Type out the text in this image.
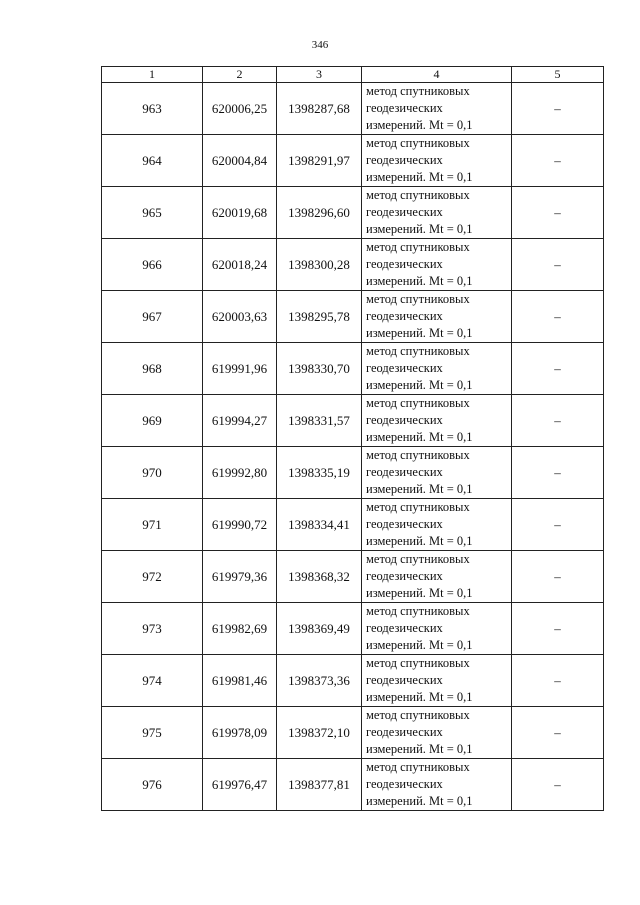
346
1	2	3	4	5
963	620006,25	1398287,68	метод спутниковых
геодезических
измерений. Mt = 0,1	–
964	620004,84	1398291,97	метод спутниковых
геодезических
измерений. Mt = 0,1	–
965	620019,68	1398296,60	метод спутниковых
геодезических
измерений. Mt = 0,1	–
966	620018,24	1398300,28	метод спутниковых
геодезических
измерений. Mt = 0,1	–
967	620003,63	1398295,78	метод спутниковых
геодезических
измерений. Mt = 0,1	–
968	619991,96	1398330,70	метод спутниковых
геодезических
измерений. Mt = 0,1	–
969	619994,27	1398331,57	метод спутниковых
геодезических
измерений. Mt = 0,1	–
970	619992,80	1398335,19	метод спутниковых
геодезических
измерений. Mt = 0,1	–
971	619990,72	1398334,41	метод спутниковых
геодезических
измерений. Mt = 0,1	–
972	619979,36	1398368,32	метод спутниковых
геодезических
измерений. Mt = 0,1	–
973	619982,69	1398369,49	метод спутниковых
геодезических
измерений. Mt = 0,1	–
974	619981,46	1398373,36	метод спутниковых
геодезических
измерений. Mt = 0,1	–
975	619978,09	1398372,10	метод спутниковых
геодезических
измерений. Mt = 0,1	–
976	619976,47	1398377,81	метод спутниковых
геодезических
измерений. Mt = 0,1	–
